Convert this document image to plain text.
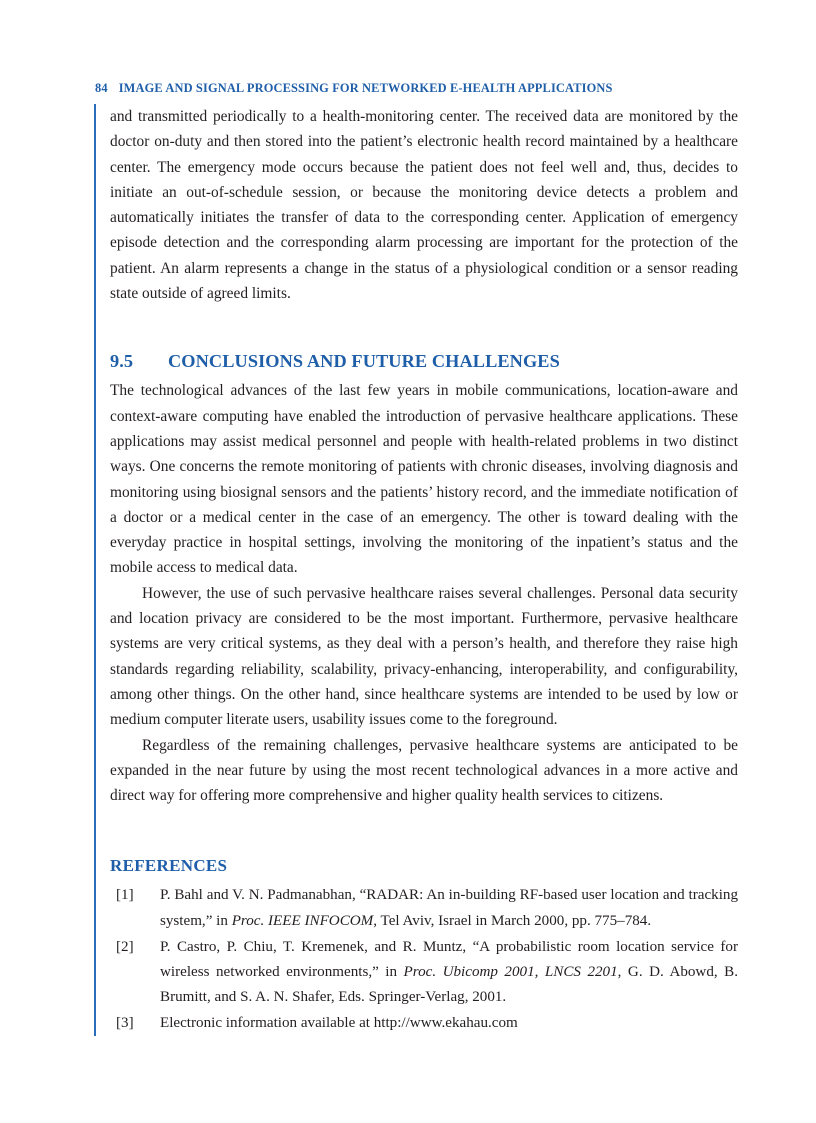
84 IMAGE AND SIGNAL PROCESSING FOR NETWORKED E-HEALTH APPLICATIONS

and transmitted periodically to a health-monitoring center. The received data are monitored by the doctor on-duty and then stored into the patient’s electronic health record maintained by a healthcare center. The emergency mode occurs because the patient does not feel well and, thus, decides to initiate an out-of-schedule session, or because the monitoring device detects a problem and automatically initiates the transfer of data to the corresponding center. Application of emergency episode detection and the corresponding alarm processing are important for the protection of the patient. An alarm represents a change in the status of a physiological condition or a sensor reading state outside of agreed limits.

9.5 CONCLUSIONS AND FUTURE CHALLENGES

The technological advances of the last few years in mobile communications, location-aware and context-aware computing have enabled the introduction of pervasive healthcare applications. These applications may assist medical personnel and people with health-related problems in two distinct ways. One concerns the remote monitoring of patients with chronic diseases, involving diagnosis and monitoring using biosignal sensors and the patients’ history record, and the immediate notification of a doctor or a medical center in the case of an emergency. The other is toward dealing with the everyday practice in hospital settings, involving the monitoring of the inpatient’s status and the mobile access to medical data.

However, the use of such pervasive healthcare raises several challenges. Personal data security and location privacy are considered to be the most important. Furthermore, pervasive healthcare systems are very critical systems, as they deal with a person’s health, and therefore they raise high standards regarding reliability, scalability, privacy-enhancing, interoperability, and configurability, among other things. On the other hand, since healthcare systems are intended to be used by low or medium computer literate users, usability issues come to the foreground.

Regardless of the remaining challenges, pervasive healthcare systems are anticipated to be expanded in the near future by using the most recent technological advances in a more active and direct way for offering more comprehensive and higher quality health services to citizens.

REFERENCES
[1]	P. Bahl and V. N. Padmanabhan, “RADAR: An in-building RF-based user location and tracking system,” in Proc. IEEE INFOCOM, Tel Aviv, Israel in March 2000, pp. 775–784.
[2]	P. Castro, P. Chiu, T. Kremenek, and R. Muntz, “A probabilistic room location service for wireless networked environments,” in Proc. Ubicomp 2001, LNCS 2201, G. D. Abowd, B. Brumitt, and S. A. N. Shafer, Eds. Springer-Verlag, 2001.
[3]	Electronic information available at http://www.ekahau.com
